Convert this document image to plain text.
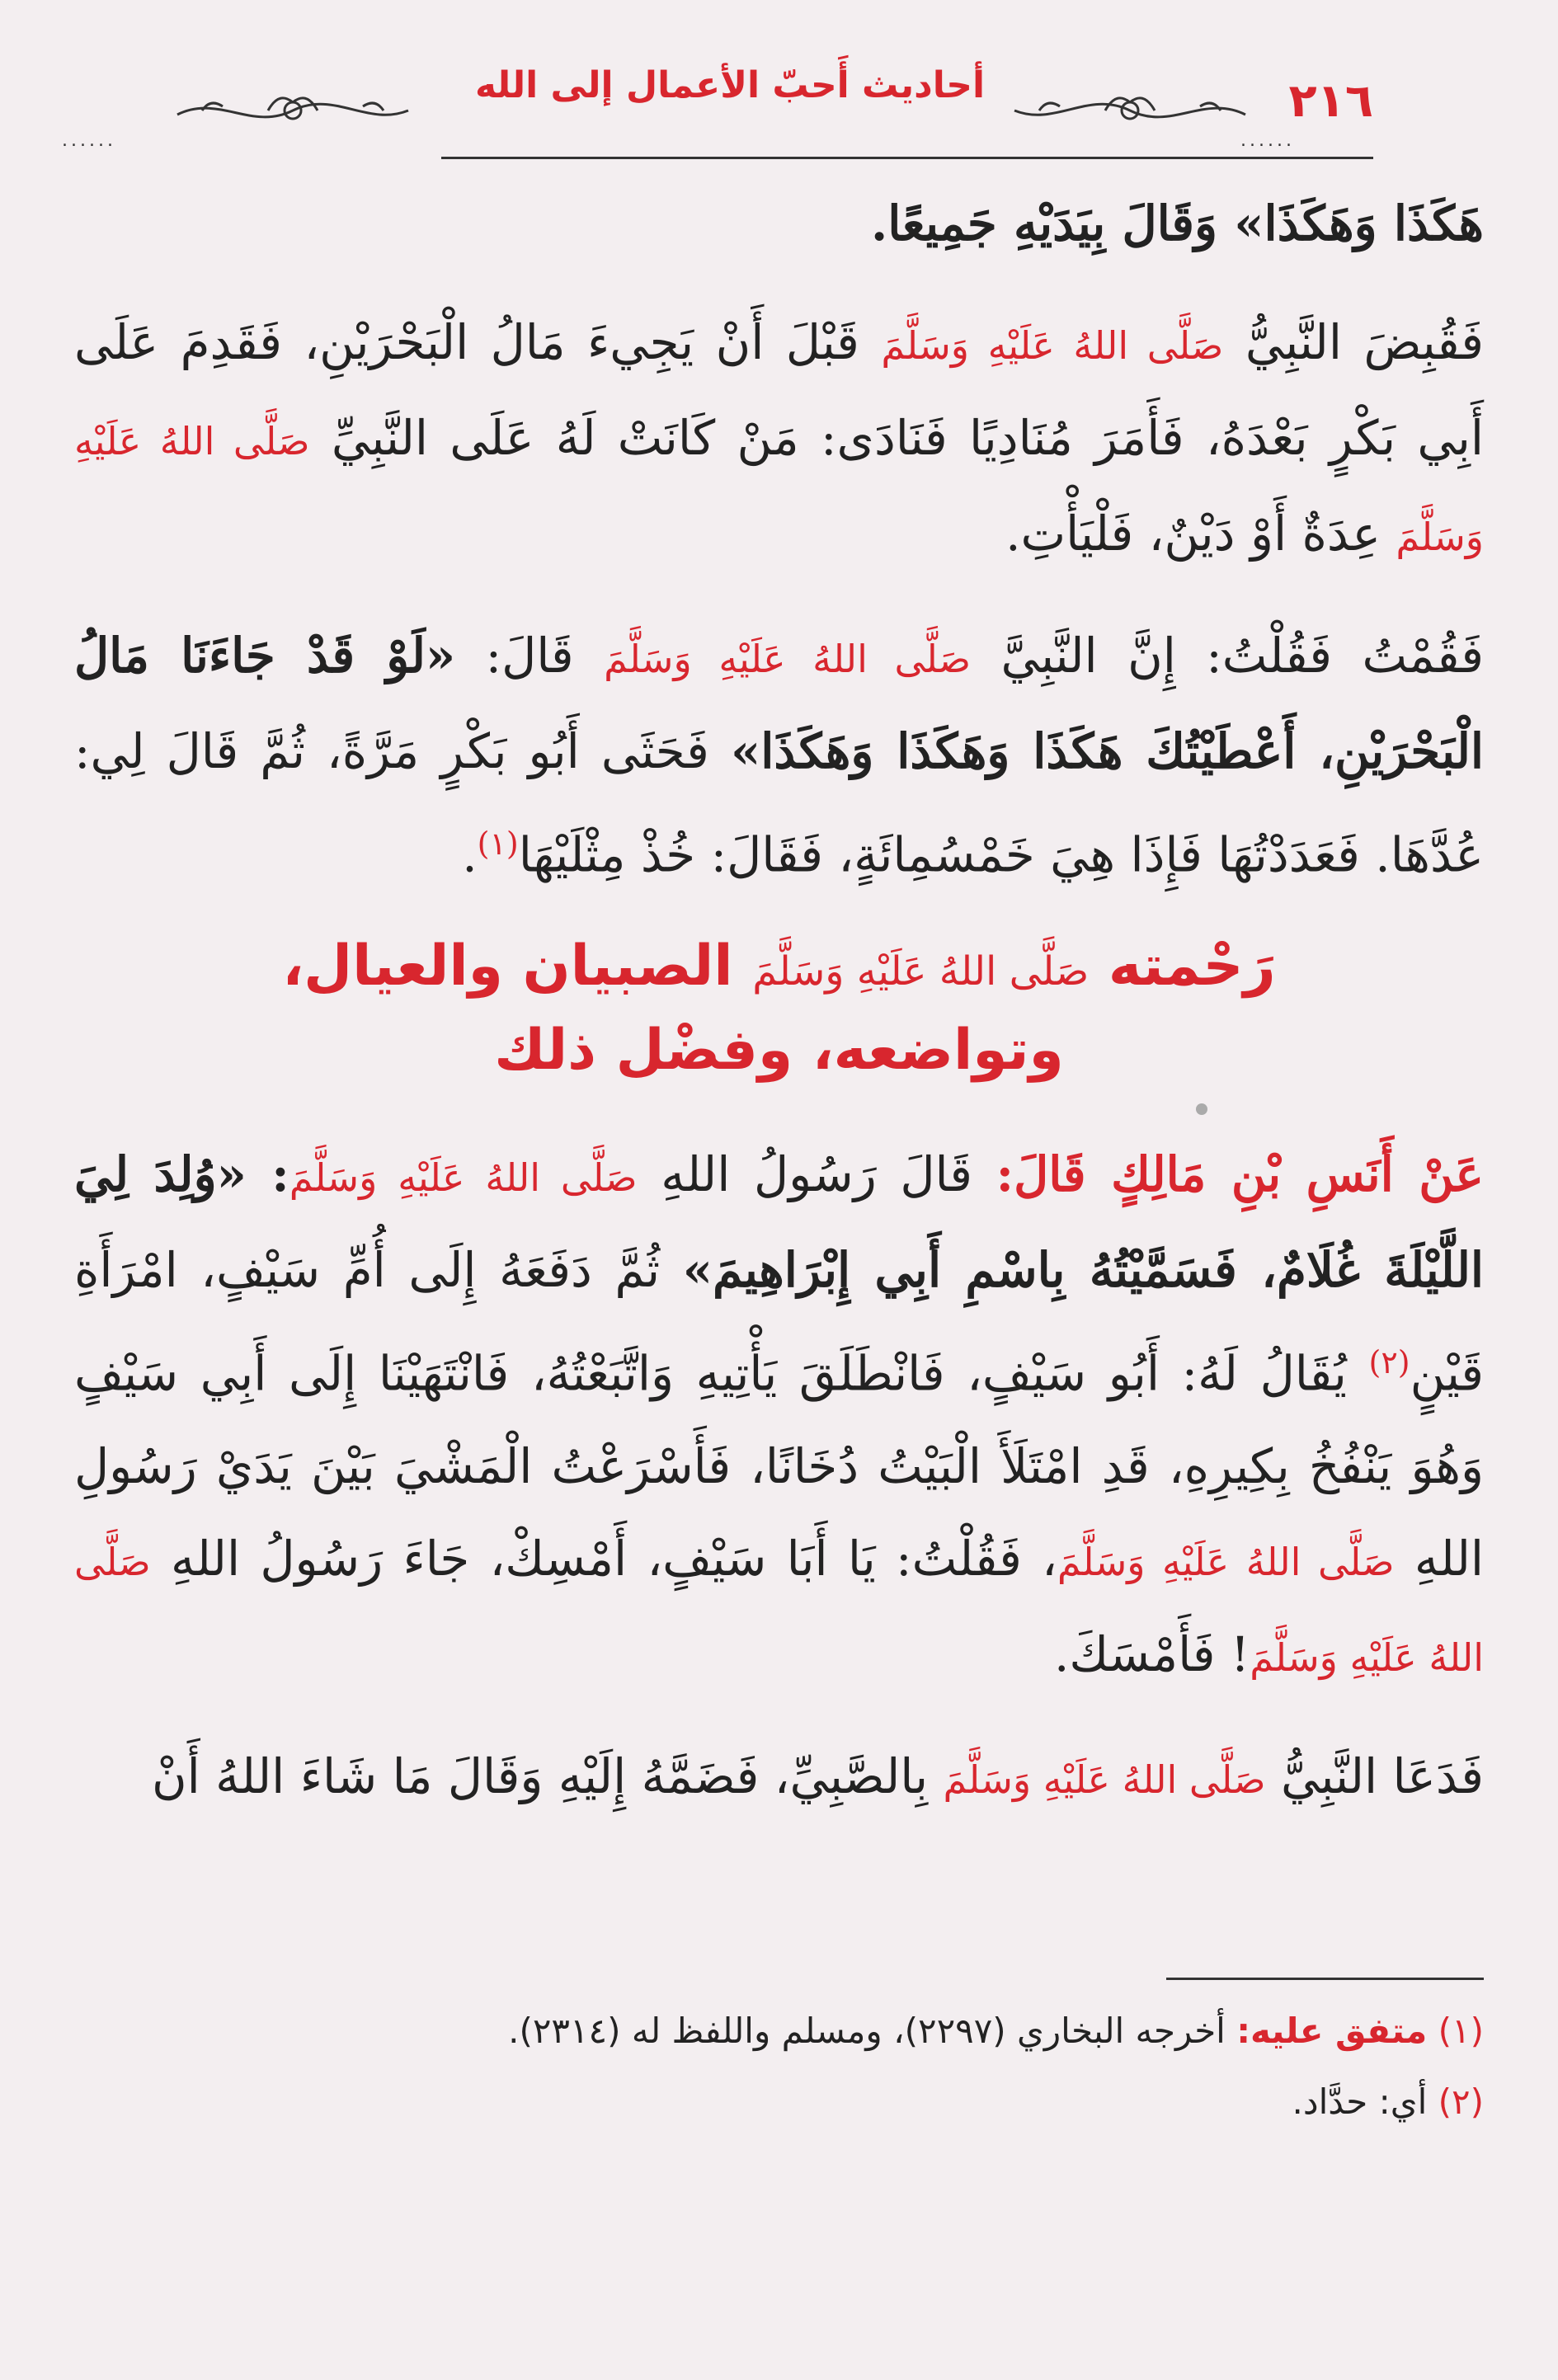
٢١٦
......
أحاديث أَحبّ الأعمال إلى الله
......

هَكَذَا وَهَكَذَا» وَقَالَ بِيَدَيْهِ جَمِيعًا.

فَقُبِضَ النَّبِيُّ صَلَّى اللهُ عَلَيْهِ وَسَلَّمَ قَبْلَ أَنْ يَجِيءَ مَالُ الْبَحْرَيْنِ، فَقَدِمَ عَلَى أَبِي بَكْرٍ بَعْدَهُ، فَأَمَرَ مُنَادِيًا فَنَادَى: مَنْ كَانَتْ لَهُ عَلَى النَّبِيِّ صَلَّى اللهُ عَلَيْهِ وَسَلَّمَ عِدَةٌ أَوْ دَيْنٌ، فَلْيَأْتِ.

فَقُمْتُ فَقُلْتُ: إِنَّ النَّبِيَّ صَلَّى اللهُ عَلَيْهِ وَسَلَّمَ قَالَ: «لَوْ قَدْ جَاءَنَا مَالُ الْبَحْرَيْنِ، أَعْطَيْتُكَ هَكَذَا وَهَكَذَا وَهَكَذَا» فَحَثَى أَبُو بَكْرٍ مَرَّةً، ثُمَّ قَالَ لِي: عُدَّهَا. فَعَدَدْتُهَا فَإِذَا هِيَ خَمْسُمِائَةٍ، فَقَالَ: خُذْ مِثْلَيْهَا$^{(١)}$.

رَحْمته صَلَّى اللهُ عَلَيْهِ وَسَلَّمَ الصبيان والعيال،
وتواضعه، وفضْل ذلك

عَنْ أَنَسِ بْنِ مَالِكٍ قَالَ: قَالَ رَسُولُ اللهِ صَلَّى اللهُ عَلَيْهِ وَسَلَّمَ: «وُلِدَ لِيَ اللَّيْلَةَ غُلَامٌ، فَسَمَّيْتُهُ بِاسْمِ أَبِي إِبْرَاهِيمَ» ثُمَّ دَفَعَهُ إِلَى أُمِّ سَيْفٍ، امْرَأَةِ قَيْنٍ$^{(٢)}$ يُقَالُ لَهُ: أَبُو سَيْفٍ، فَانْطَلَقَ يَأْتِيهِ وَاتَّبَعْتُهُ، فَانْتَهَيْنَا إِلَى أَبِي سَيْفٍ وَهُوَ يَنْفُخُ بِكِيرِهِ، قَدِ امْتَلَأَ الْبَيْتُ دُخَانًا، فَأَسْرَعْتُ الْمَشْيَ بَيْنَ يَدَيْ رَسُولِ اللهِ صَلَّى اللهُ عَلَيْهِ وَسَلَّمَ، فَقُلْتُ: يَا أَبَا سَيْفٍ، أَمْسِكْ، جَاءَ رَسُولُ اللهِ صَلَّى اللهُ عَلَيْهِ وَسَلَّمَ! فَأَمْسَكَ.

فَدَعَا النَّبِيُّ صَلَّى اللهُ عَلَيْهِ وَسَلَّمَ بِالصَّبِيِّ، فَضَمَّهُ إِلَيْهِ وَقَالَ مَا شَاءَ اللهُ أَنْ

(١) متفق عليه: أخرجه البخاري (٢٢٩٧)، ومسلم واللفظ له (٢٣١٤).

(٢) أي: حدَّاد.
